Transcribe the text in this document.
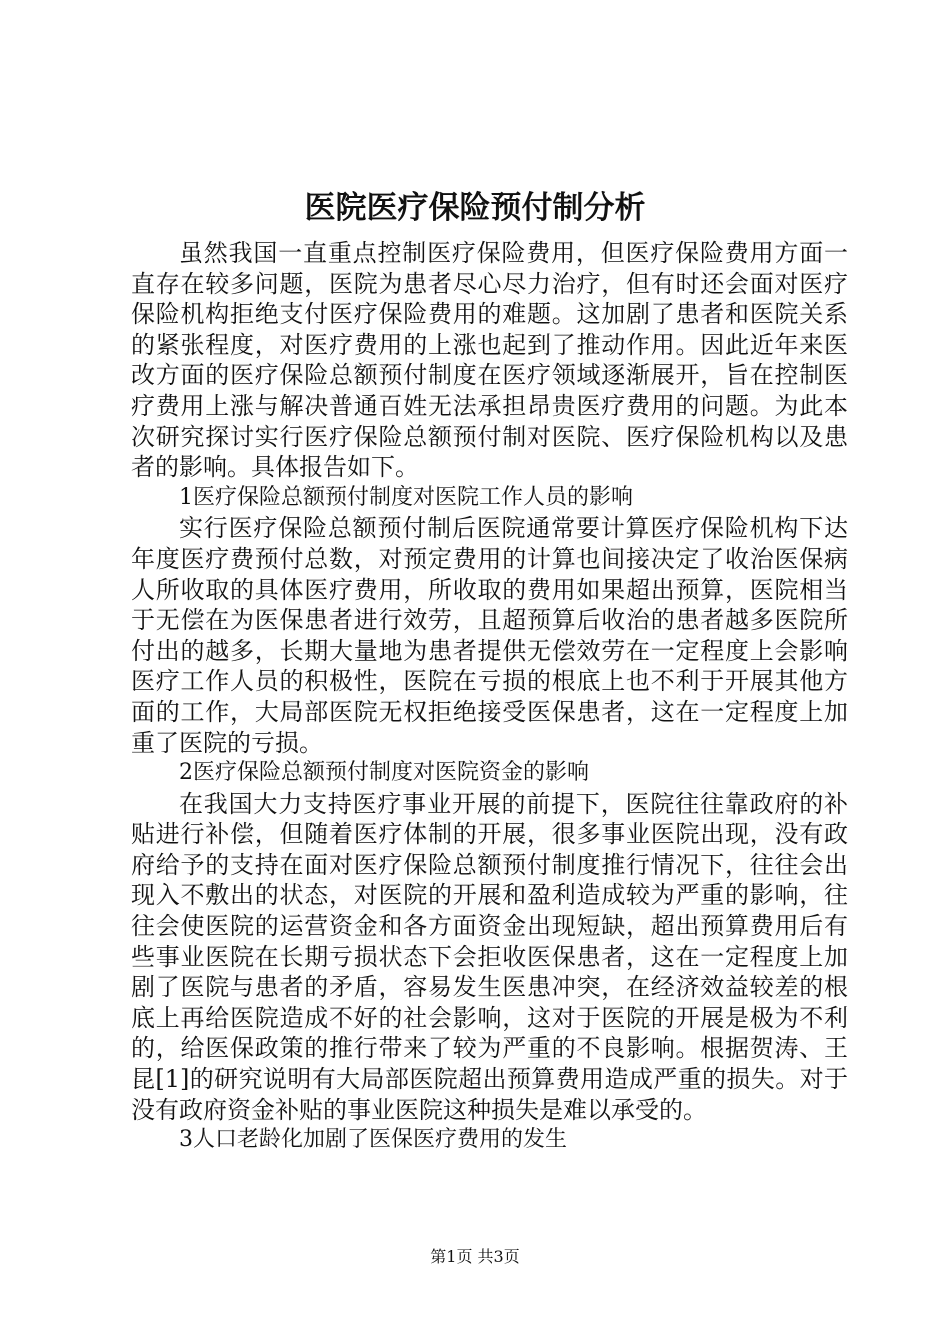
医院医疗保险预付制分析

虽然我国一直重点控制医疗保险费用，但医疗保险费用方面一直存在较多问题，医院为患者尽心尽力治疗，但有时还会面对医疗保险机构拒绝支付医疗保险费用的难题。这加剧了患者和医院关系的紧张程度，对医疗费用的上涨也起到了推动作用。因此近年来医改方面的医疗保险总额预付制度在医疗领域逐渐展开，旨在控制医疗费用上涨与解决普通百姓无法承担昂贵医疗费用的问题。为此本次研究探讨实行医疗保险总额预付制对医院、医疗保险机构以及患者的影响。具体报告如下。

1医疗保险总额预付制度对医院工作人员的影响

实行医疗保险总额预付制后医院通常要计算医疗保险机构下达年度医疗费预付总数，对预定费用的计算也间接决定了收治医保病人所收取的具体医疗费用，所收取的费用如果超出预算，医院相当于无偿在为医保患者进行效劳，且超预算后收治的患者越多医院所付出的越多，长期大量地为患者提供无偿效劳在一定程度上会影响医疗工作人员的积极性，医院在亏损的根底上也不利于开展其他方面的工作，大局部医院无权拒绝接受医保患者，这在一定程度上加重了医院的亏损。

2医疗保险总额预付制度对医院资金的影响

在我国大力支持医疗事业开展的前提下，医院往往靠政府的补贴进行补偿，但随着医疗体制的开展，很多事业医院出现，没有政府给予的支持在面对医疗保险总额预付制度推行情况下，往往会出现入不敷出的状态，对医院的开展和盈利造成较为严重的影响，往往会使医院的运营资金和各方面资金出现短缺，超出预算费用后有些事业医院在长期亏损状态下会拒收医保患者，这在一定程度上加剧了医院与患者的矛盾，容易发生医患冲突，在经济效益较差的根底上再给医院造成不好的社会影响，这对于医院的开展是极为不利的，给医保政策的推行带来了较为严重的不良影响。根据贺涛、王昆[1]的研究说明有大局部医院超出预算费用造成严重的损失。对于没有政府资金补贴的事业医院这种损失是难以承受的。

3人口老龄化加剧了医保医疗费用的发生

第1页 共3页
